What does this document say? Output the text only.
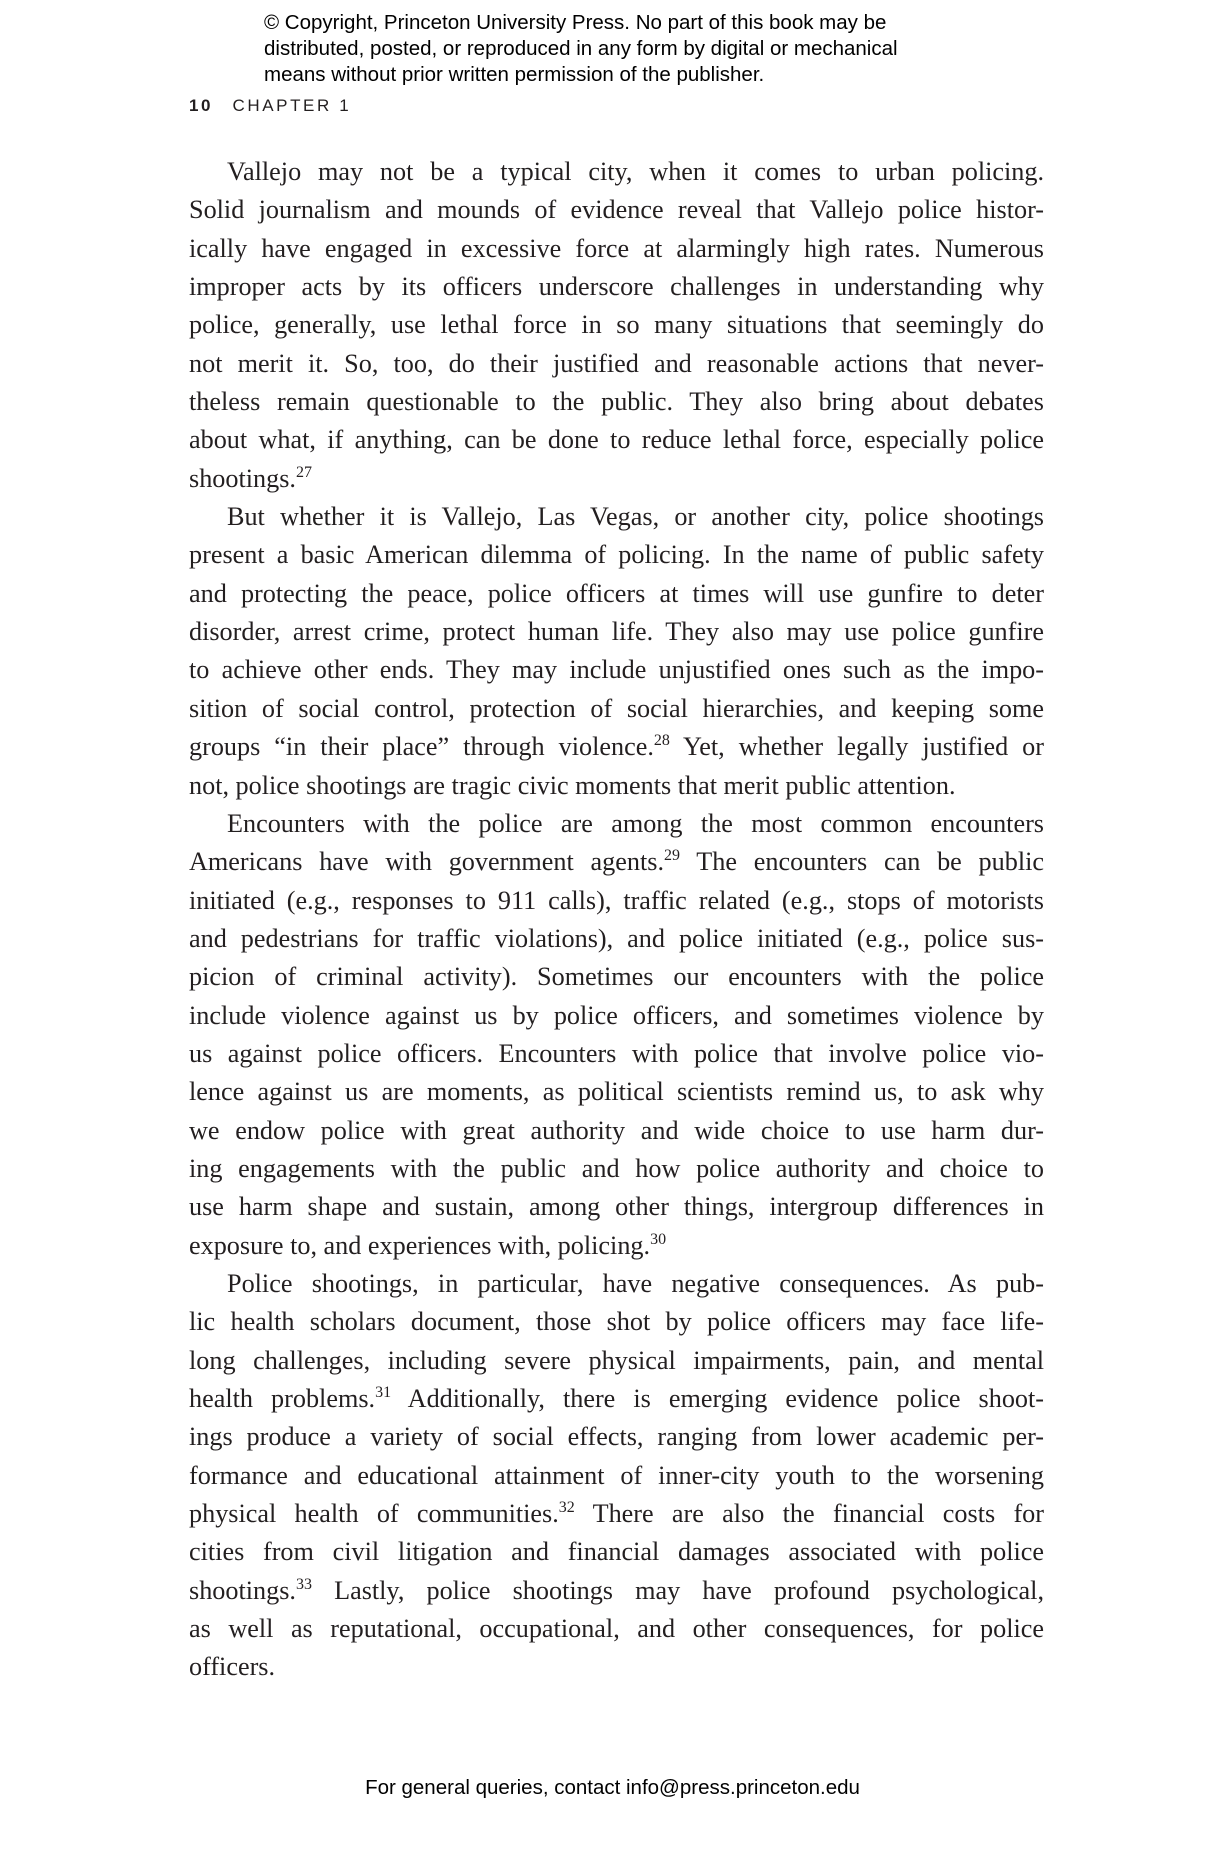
© Copyright, Princeton University Press. No part of this book may be
distributed, posted, or reproduced in any form by digital or mechanical
means without prior written permission of the publisher.
10 CHAPTER 1
Vallejo may not be a typical city, when it comes to urban policing.
Solid journalism and mounds of evidence reveal that Vallejo police histor-
ically have engaged in excessive force at alarmingly high rates. Numerous
improper acts by its officers underscore challenges in understanding why
police, generally, use lethal force in so many situations that seemingly do
not merit it. So, too, do their justified and reasonable actions that never-
theless remain questionable to the public. They also bring about debates
about what, if anything, can be done to reduce lethal force, especially police
shootings.$^{27}$
But whether it is Vallejo, Las Vegas, or another city, police shootings
present a basic American dilemma of policing. In the name of public safety
and protecting the peace, police officers at times will use gunfire to deter
disorder, arrest crime, protect human life. They also may use police gunfire
to achieve other ends. They may include unjustified ones such as the impo-
sition of social control, protection of social hierarchies, and keeping some
groups “in their place” through violence.$^{28}$ Yet, whether legally justified or
not, police shootings are tragic civic moments that merit public attention.
Encounters with the police are among the most common encounters
Americans have with government agents.$^{29}$ The encounters can be public
initiated (e.g., responses to 911 calls), traffic related (e.g., stops of motorists
and pedestrians for traffic violations), and police initiated (e.g., police sus-
picion of criminal activity). Sometimes our encounters with the police
include violence against us by police officers, and sometimes violence by
us against police officers. Encounters with police that involve police vio-
lence against us are moments, as political scientists remind us, to ask why
we endow police with great authority and wide choice to use harm dur-
ing engagements with the public and how police authority and choice to
use harm shape and sustain, among other things, intergroup differences in
exposure to, and experiences with, policing.$^{30}$
Police shootings, in particular, have negative consequences. As pub-
lic health scholars document, those shot by police officers may face life-
long challenges, including severe physical impairments, pain, and mental
health problems.$^{31}$ Additionally, there is emerging evidence police shoot-
ings produce a variety of social effects, ranging from lower academic per-
formance and educational attainment of inner-city youth to the worsening
physical health of communities.$^{32}$ There are also the financial costs for
cities from civil litigation and financial damages associated with police
shootings.$^{33}$ Lastly, police shootings may have profound psychological,
as well as reputational, occupational, and other consequences, for police
officers.
For general queries, contact info@press.princeton.edu
